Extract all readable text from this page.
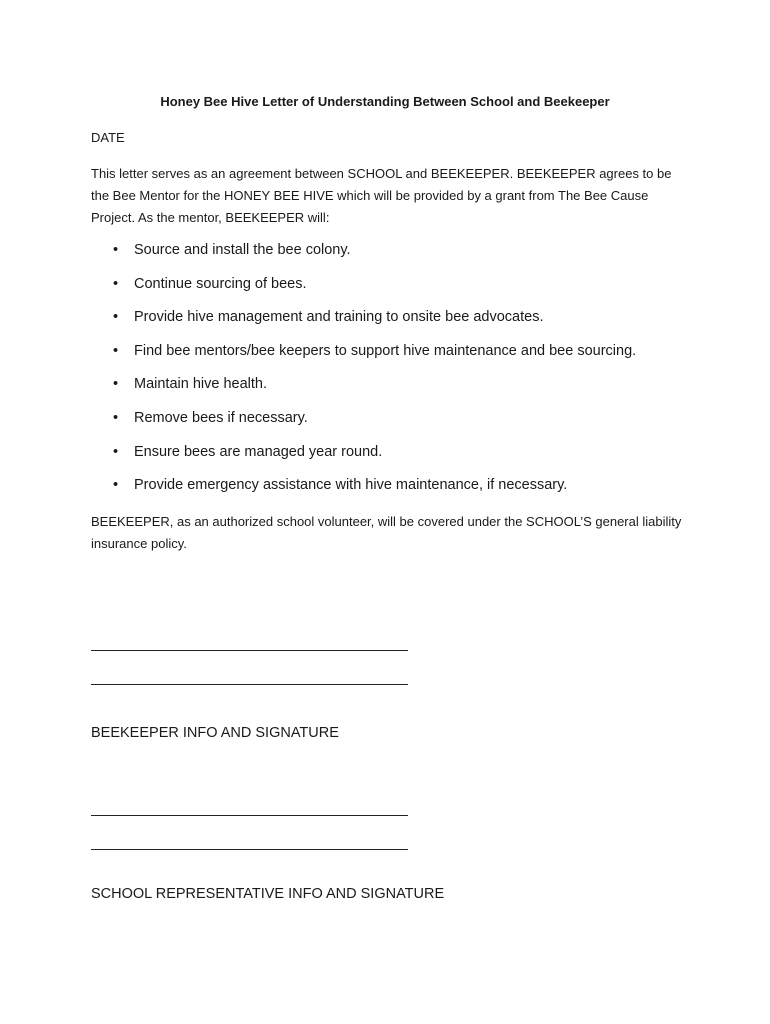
Honey Bee Hive Letter of Understanding Between School and Beekeeper
DATE
This letter serves as an agreement between SCHOOL and BEEKEEPER. BEEKEEPER agrees to be the Bee Mentor for the HONEY BEE HIVE which will be provided by a grant from The Bee Cause Project. As the mentor, BEEKEEPER will:
• Source and install the bee colony.
• Continue sourcing of bees.
• Provide hive management and training to onsite bee advocates.
• Find bee mentors/bee keepers to support hive maintenance and bee sourcing.
• Maintain hive health.
• Remove bees if necessary.
• Ensure bees are managed year round.
• Provide emergency assistance with hive maintenance, if necessary.
BEEKEEPER, as an authorized school volunteer, will be covered under the SCHOOL’S general liability insurance policy.
BEEKEEPER INFO AND SIGNATURE
SCHOOL REPRESENTATIVE INFO AND SIGNATURE
